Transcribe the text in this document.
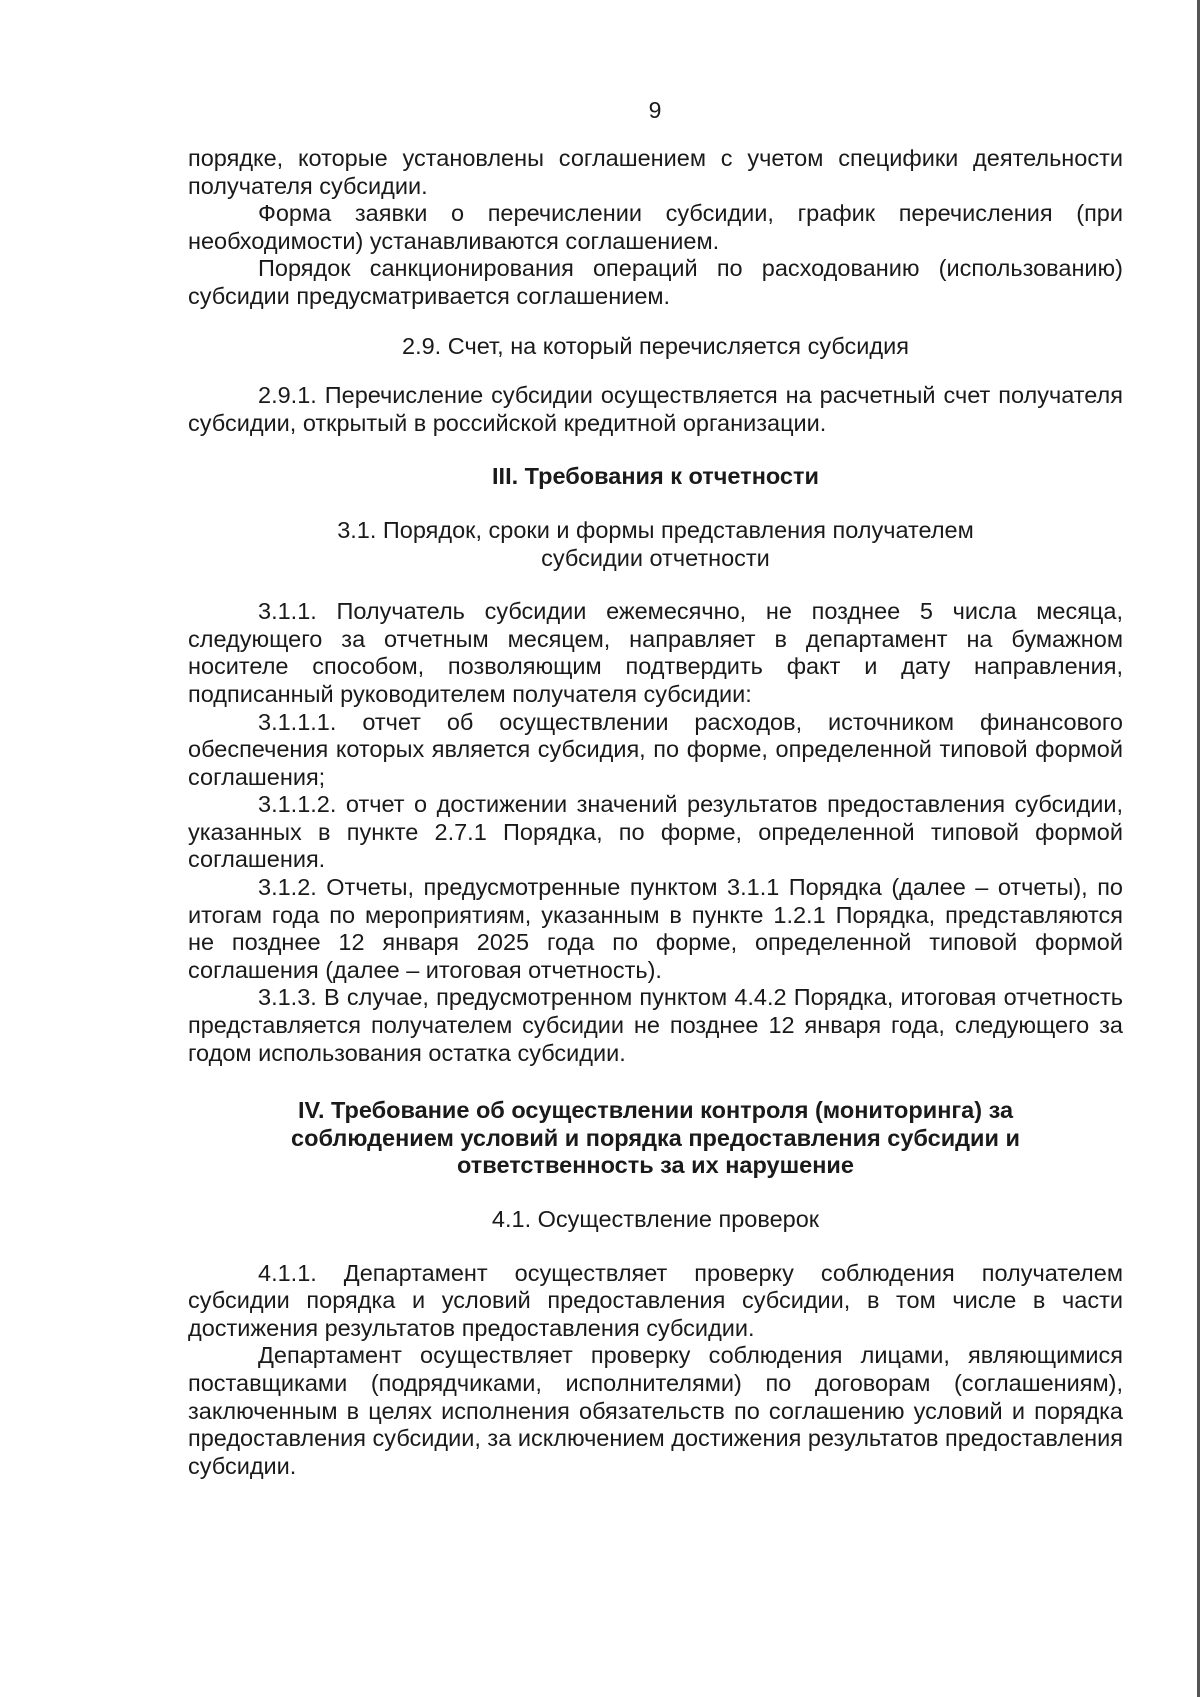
9

порядке, которые установлены соглашением с учетом специфики деятельности получателя субсидии.

Форма заявки о перечислении субсидии, график перечисления (при необходимости) устанавливаются соглашением.

Порядок санкционирования операций по расходованию (использованию) субсидии предусматривается соглашением.

2.9. Счет, на который перечисляется субсидия

2.9.1. Перечисление субсидии осуществляется на расчетный счет получателя субсидии, открытый в российской кредитной организации.

III. Требования к отчетности
3.1. Порядок, сроки и формы представления получателем
субсидии отчетности

3.1.1. Получатель субсидии ежемесячно, не позднее 5 числа месяца, следующего за отчетным месяцем, направляет в департамент на бумажном носителе способом, позволяющим подтвердить факт и дату направления, подписанный руководителем получателя субсидии:

3.1.1.1. отчет об осуществлении расходов, источником финансового обеспечения которых является субсидия, по форме, определенной типовой формой соглашения;

3.1.1.2. отчет о достижении значений результатов предоставления субсидии, указанных в пункте 2.7.1 Порядка, по форме, определенной типовой формой соглашения.

3.1.2. Отчеты, предусмотренные пунктом 3.1.1 Порядка (далее – отчеты), по итогам года по мероприятиям, указанным в пункте 1.2.1 Порядка, представляются не позднее 12 января 2025 года по форме, определенной типовой формой соглашения (далее – итоговая отчетность).

3.1.3. В случае, предусмотренном пунктом 4.4.2 Порядка, итоговая отчетность представляется получателем субсидии не позднее 12 января года, следующего за годом использования остатка субсидии.

IV. Требование об осуществлении контроля (мониторинга) за
соблюдением условий и порядка предоставления субсидии и
ответственность за их нарушение
4.1. Осуществление проверок

4.1.1. Департамент осуществляет проверку соблюдения получателем субсидии порядка и условий предоставления субсидии, в том числе в части достижения результатов предоставления субсидии.

Департамент осуществляет проверку соблюдения лицами, являющимися поставщиками (подрядчиками, исполнителями) по договорам (соглашениям), заключенным в целях исполнения обязательств по соглашению условий и порядка предоставления субсидии, за исключением достижения результатов предоставления субсидии.
